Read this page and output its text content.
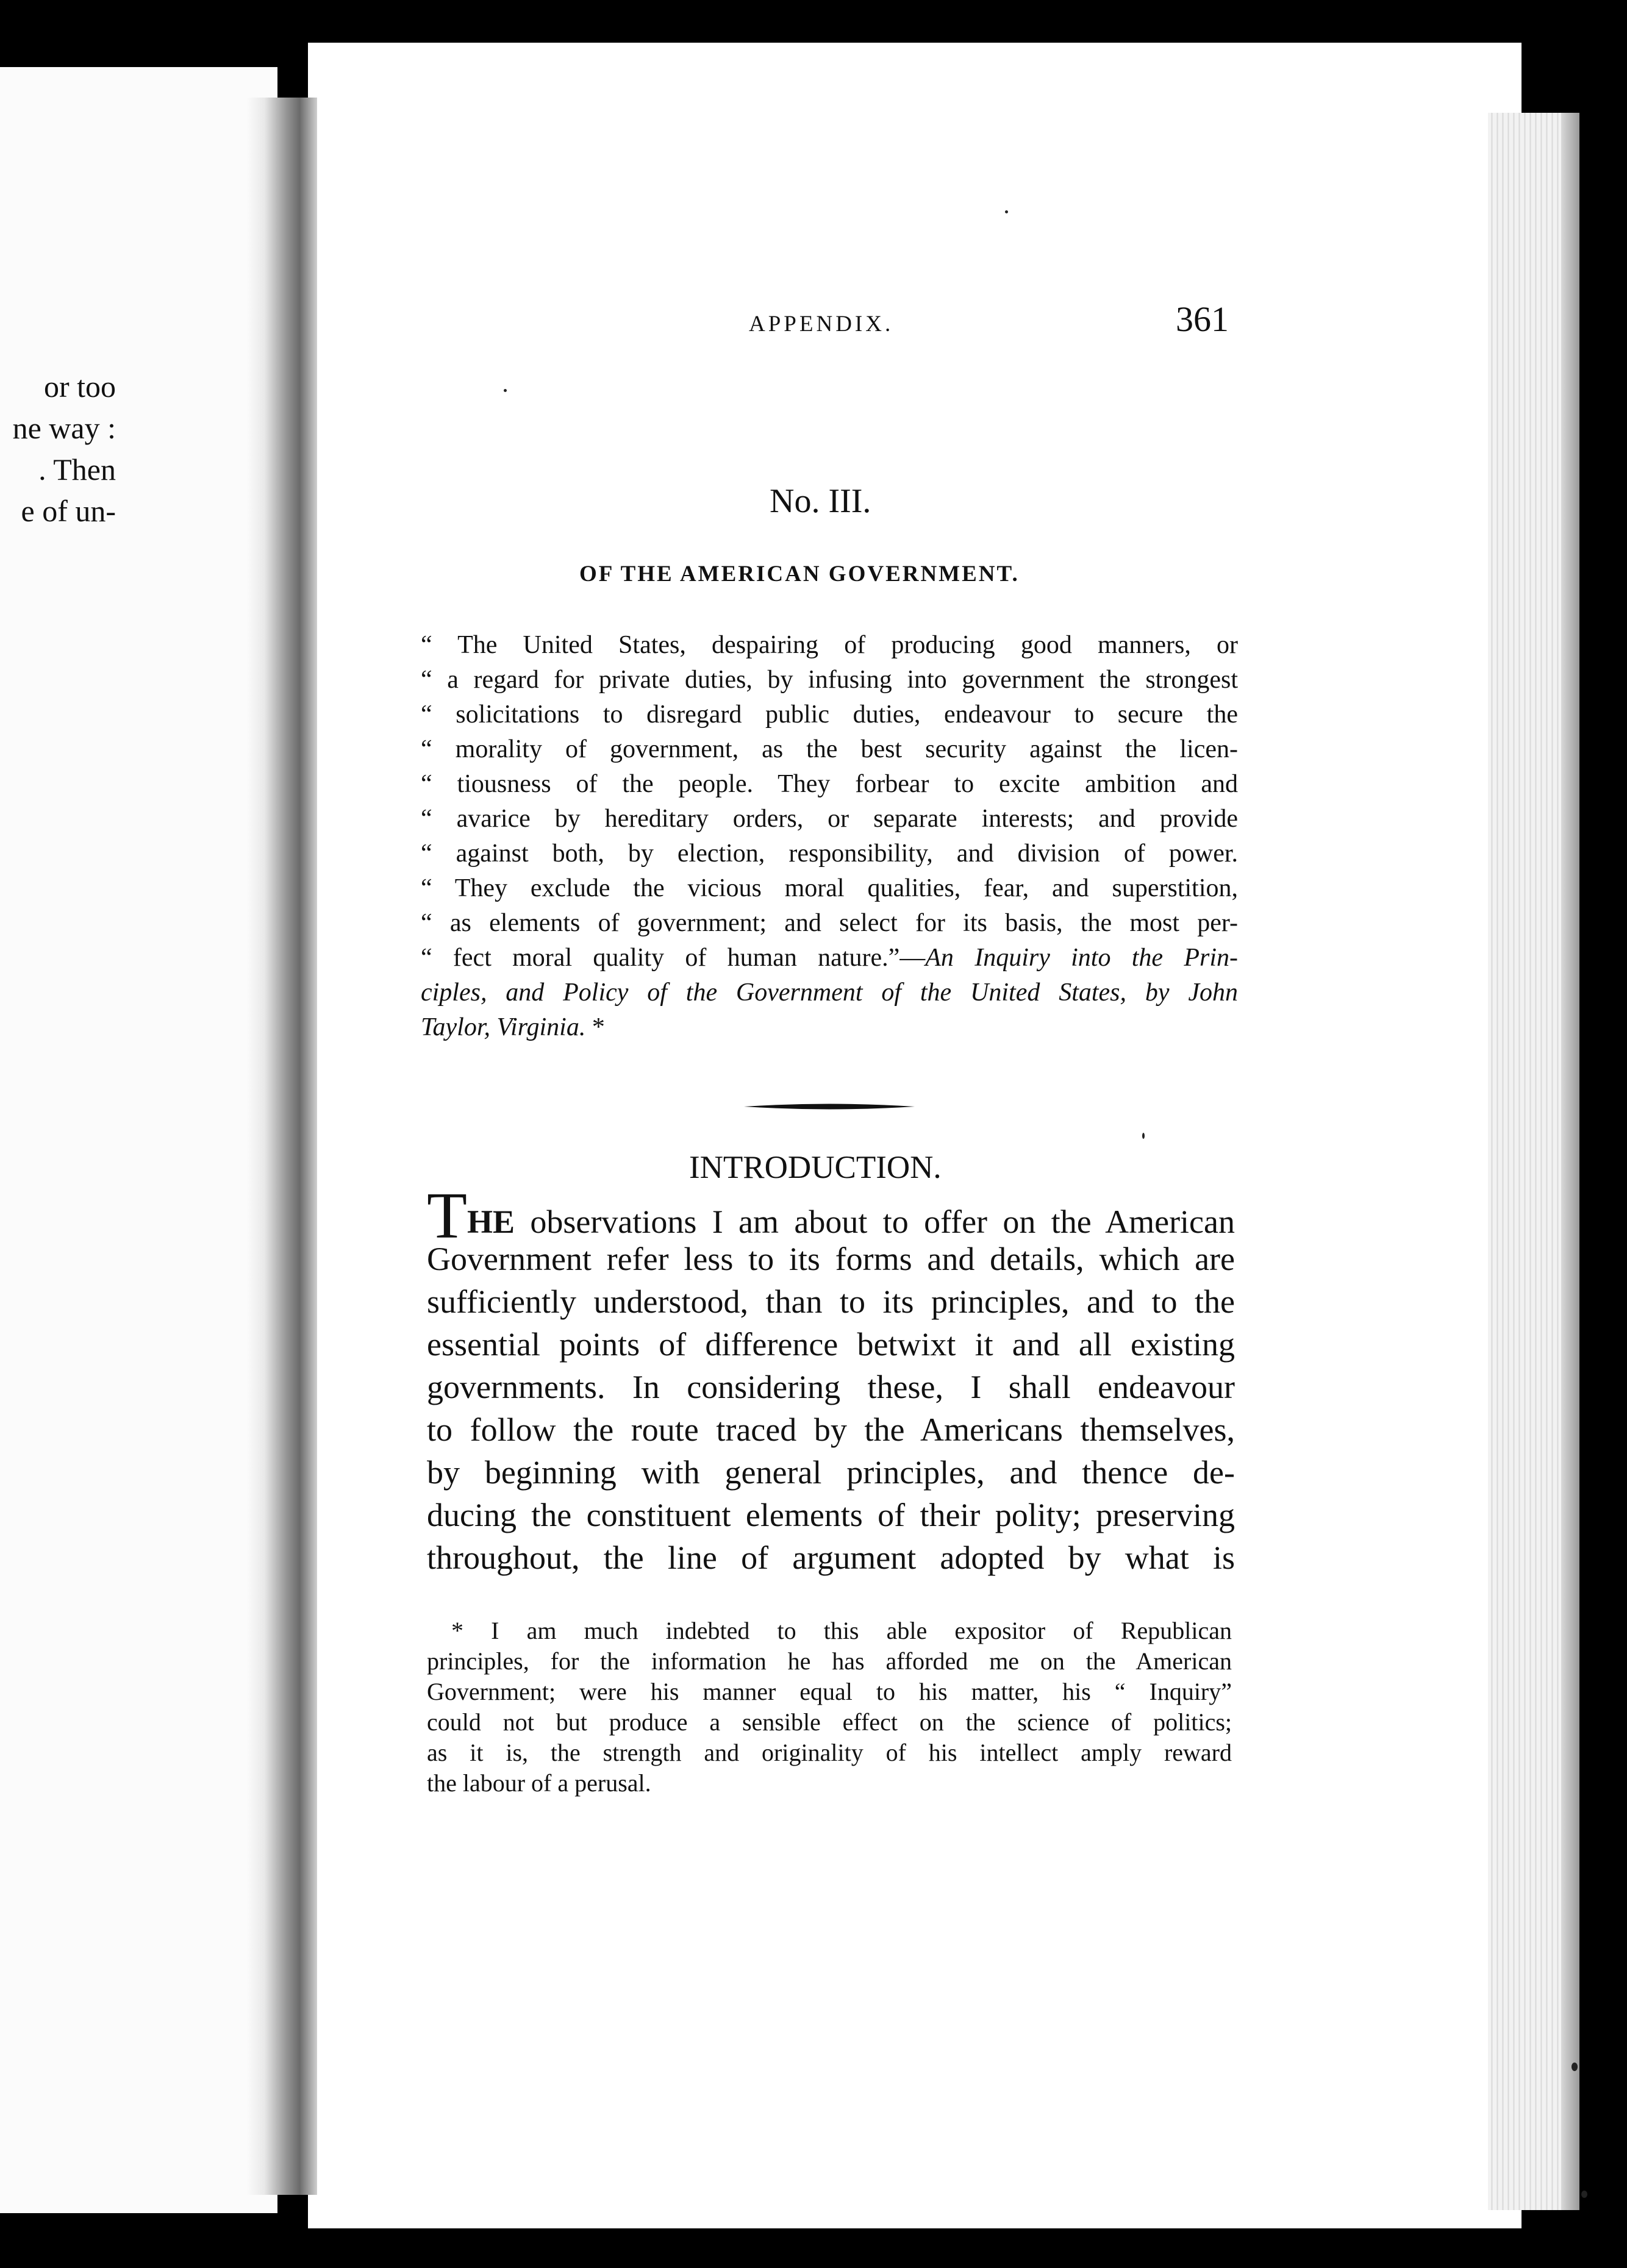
or too
ne way :
. Then
e of un-
APPENDIX.	361
No. III.
OF THE AMERICAN GOVERNMENT.
“ The United States, despairing of producing good manners, or
“ a regard for private duties, by infusing into government the strongest
“ solicitations to disregard public duties, endeavour to secure the
“ morality of government, as the best security against the licen-
“ tiousness of the people. They forbear to excite ambition and
“ avarice by hereditary orders, or separate interests; and provide
“ against both, by election, responsibility, and division of power.
“ They exclude the vicious moral qualities, fear, and superstition,
“ as elements of government; and select for its basis, the most per-
“ fect moral quality of human nature.”—An Inquiry into the Prin-
ciples, and Policy of the Government of the United States, by John
Taylor, Virginia. *
INTRODUCTION.
THE observations I am about to offer on the American
Government refer less to its forms and details, which are
sufficiently understood, than to its principles, and to the
essential points of difference betwixt it and all existing
governments. In considering these, I shall endeavour
to follow the route traced by the Americans themselves,
by beginning with general principles, and thence de-
ducing the constituent elements of their polity; preserving
throughout, the line of argument adopted by what is
* I am much indebted to this able expositor of Republican
principles, for the information he has afforded me on the American
Government; were his manner equal to his matter, his “ Inquiry”
could not but produce a sensible effect on the science of politics;
as it is, the strength and originality of his intellect amply reward
the labour of a perusal.
